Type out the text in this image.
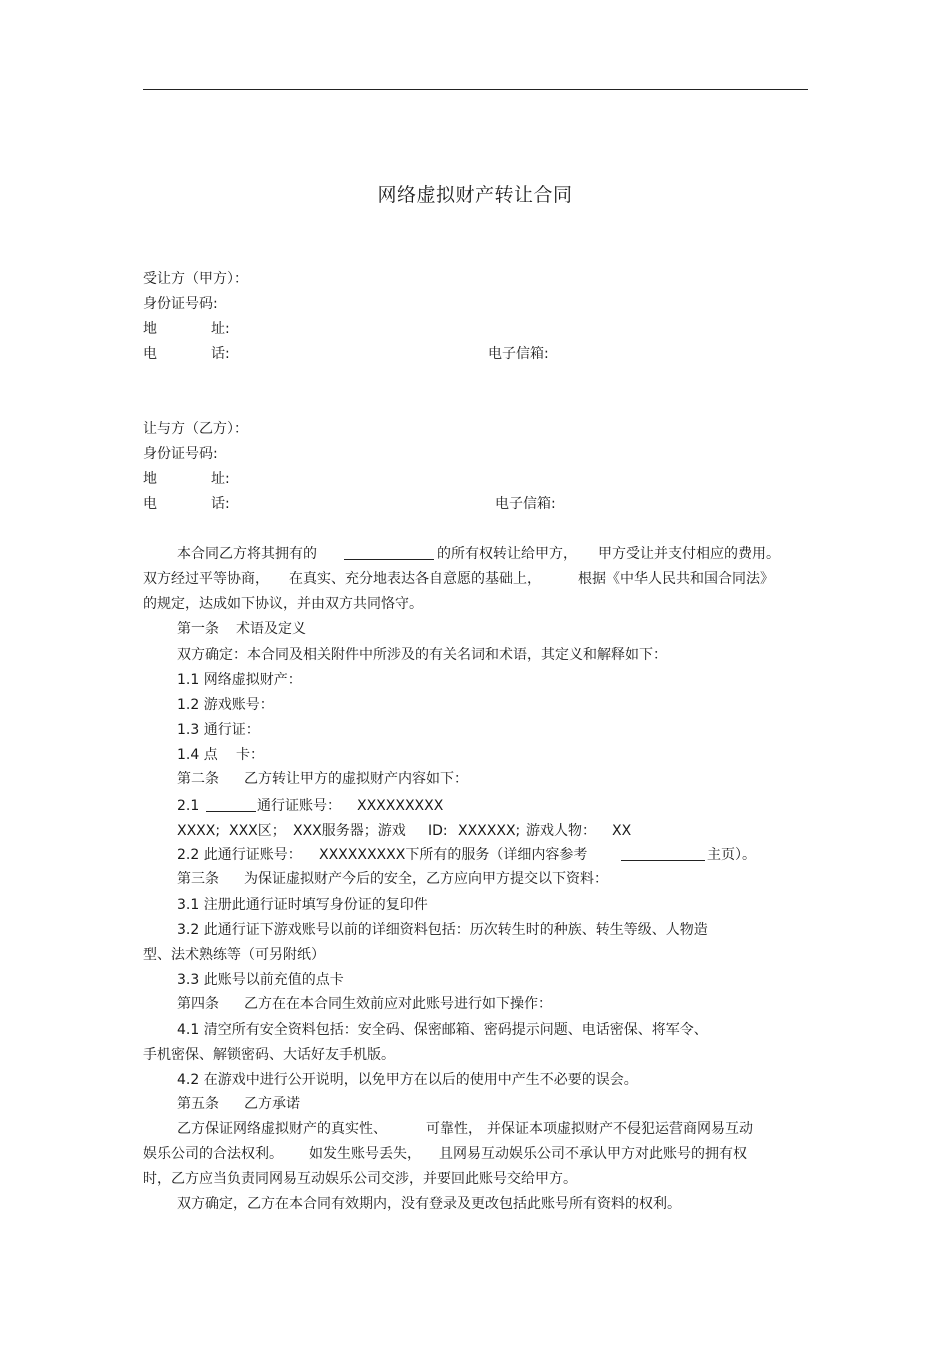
网络虚拟财产转让合同
受让方（甲方）：
身份证号码:
地	址:
电	话:	电子信箱:
让与方（乙方）：
身份证号码:
地	址:
电	话:	电子信箱:
本合同乙方将其拥有的	的所有权转让给甲方， 甲方受让并支付相应的费用。
双方经过平等协商， 在真实、充分地表达各自意愿的基础上，	根据《中华人民共和国合同法》
的规定，达成如下协议，并由双方共同恪守。
第一条 术语及定义
双方确定：本合同及相关附件中所涉及的有关名词和术语，其定义和解释如下：
1.1 网络虚拟财产：
1.2 游戏账号：
1.3 通行证：
1.4 点 卡：
第二条 乙方转让甲方的虚拟财产内容如下：
2.1	通行证账号： XXXXXXXXX
XXXX; XXX区； XXX服务器；游戏 ID: XXXXXX; 游戏人物： XX
2.2 此通行证账号： XXXXXXXXX下所有的服务（详细内容参考	主页）。
第三条 为保证虚拟财产今后的安全，乙方应向甲方提交以下资料：
3.1 注册此通行证时填写身份证的复印件
3.2 此通行证下游戏账号以前的详细资料包括：历次转生时的种族、转生等级、人物造
型、法术熟练等（可另附纸）
3.3 此账号以前充值的点卡
第四条 乙方在在本合同生效前应对此账号进行如下操作：
4.1 清空所有安全资料包括：安全码、保密邮箱、密码提示问题、电话密保、将军令、
手机密保、解锁密码、大话好友手机版。
4.2 在游戏中进行公开说明，以免甲方在以后的使用中产生不必要的误会。
第五条 乙方承诺
乙方保证网络虚拟财产的真实性、	可靠性， 并保证本项虚拟财产不侵犯运营商网易互动
娱乐公司的合法权利。 如发生账号丢失， 且网易互动娱乐公司不承认甲方对此账号的拥有权
时，乙方应当负责同网易互动娱乐公司交涉，并要回此账号交给甲方。
双方确定，乙方在本合同有效期内，没有登录及更改包括此账号所有资料的权利。
